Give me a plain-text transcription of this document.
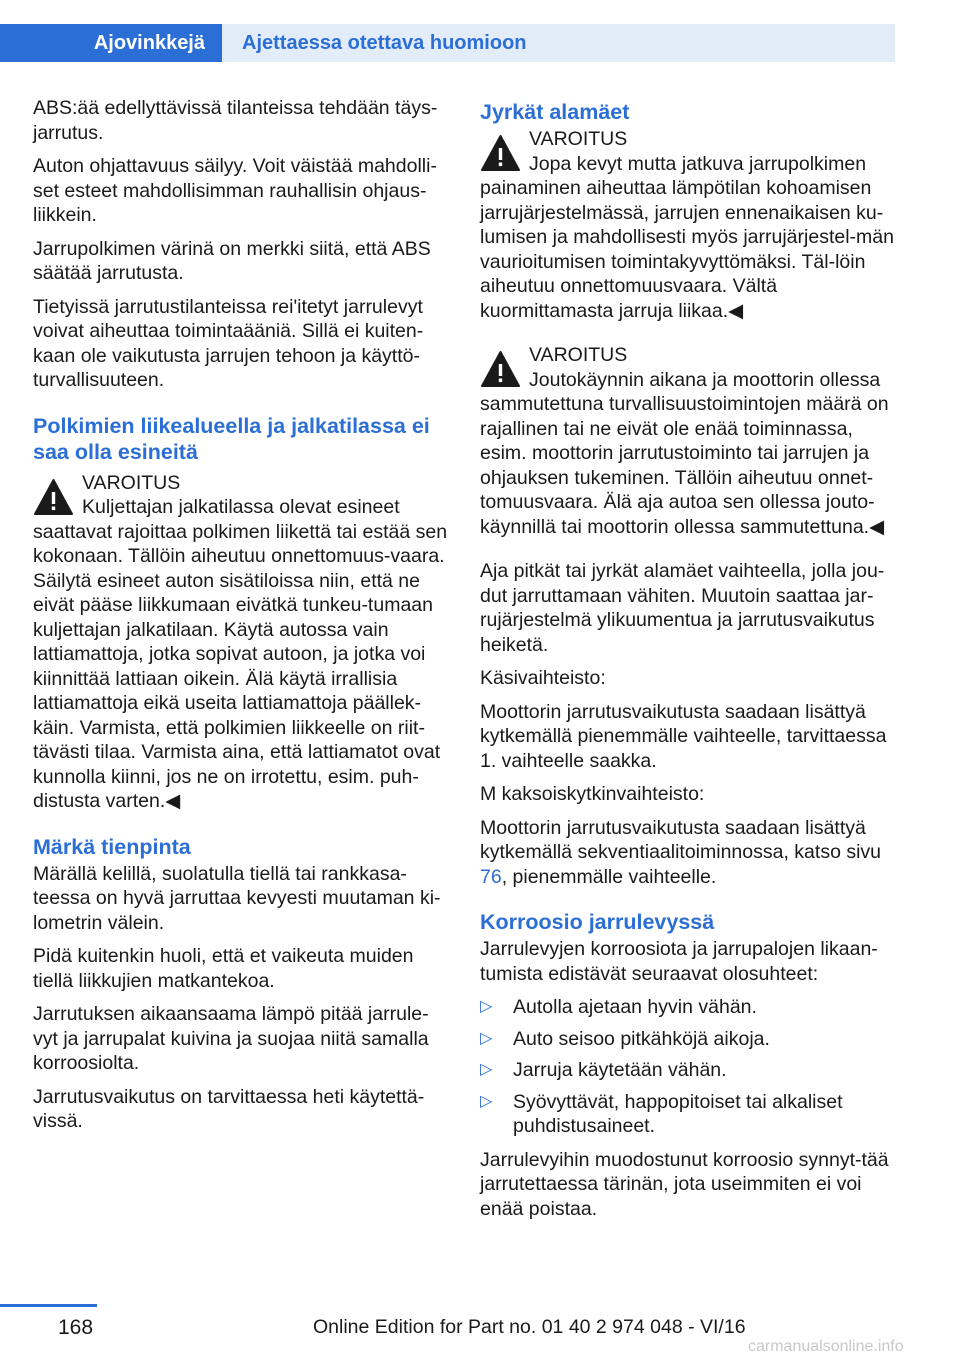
Ajovinkkejä Ajettaessa otettava huomioon

ABS:ää edellyttävissä tilanteissa tehdään täys-jarrutus.

Auton ohjattavuus säilyy. Voit väistää mahdolli-set esteet mahdollisimman rauhallisin ohjaus-liikkein.

Jarrupolkimen värinä on merkki siitä, että ABS säätää jarrutusta.

Tietyissä jarrutustilanteissa rei'itetyt jarrulevyt voivat aiheuttaa toimintaääniä. Sillä ei kuiten-kaan ole vaikutusta jarrujen tehoon ja käyttö-turvallisuuteen.

Polkimien liikealueella ja jalkatilassa ei saa olla esineitä
VAROITUS
Kuljettajan jalkatilassa olevat esineet
saattavat rajoittaa polkimen liikettä tai estää sen kokonaan. Tällöin aiheutuu onnettomuus-vaara. Säilytä esineet auton sisätiloissa niin, että ne eivät pääse liikkumaan eivätkä tunkeu-tumaan kuljettajan jalkatilaan. Käytä autossa vain lattiamattoja, jotka sopivat autoon, ja jotka voi kiinnittää lattiaan oikein. Älä käytä irrallisia lattiamattoja eikä useita lattiamattoja päällek-käin. Varmista, että polkimien liikkeelle on riit-tävästi tilaa. Varmista aina, että lattiamatot ovat kunnolla kiinni, jos ne on irrotettu, esim. puh-distusta varten.◀
Märkä tienpinta

Märällä kelillä, suolatulla tiellä tai rankkasa-teessa on hyvä jarruttaa kevyesti muutaman ki-lometrin välein.

Pidä kuitenkin huoli, että et vaikeuta muiden tiellä liikkujien matkantekoa.

Jarrutuksen aikaansaama lämpö pitää jarrule-vyt ja jarrupalat kuivina ja suojaa niitä samalla korroosiolta.

Jarrutusvaikutus on tarvittaessa heti käytettä-vissä.

Jyrkät alamäet
VAROITUS
Jopa kevyt mutta jatkuva jarrupolkimen
painaminen aiheuttaa lämpötilan kohoamisen jarrujärjestelmässä, jarrujen ennenaikaisen ku-lumisen ja mahdollisesti myös jarrujärjestel-män vaurioitumisen toimintakyvyttömäksi. Täl-löin aiheutuu onnettomuusvaara. Vältä kuormittamasta jarruja liikaa.◀
VAROITUS
Joutokäynnin aikana ja moottorin ollessa
sammutettuna turvallisuustoimintojen määrä on rajallinen tai ne eivät ole enää toiminnassa, esim. moottorin jarrutustoiminto tai jarrujen ja ohjauksen tukeminen. Tällöin aiheutuu onnet-tomuusvaara. Älä aja autoa sen ollessa jouto-käynnillä tai moottorin ollessa sammutettuna.◀

Aja pitkät tai jyrkät alamäet vaihteella, jolla jou-dut jarruttamaan vähiten. Muutoin saattaa jar-rujärjestelmä ylikuumentua ja jarrutusvaikutus heiketä.

Käsivaihteisto:

Moottorin jarrutusvaikutusta saadaan lisättyä kytkemällä pienemmälle vaihteelle, tarvittaessa 1. vaihteelle saakka.

M kaksoiskytkinvaihteisto:

Moottorin jarrutusvaikutusta saadaan lisättyä kytkemällä sekventiaalitoiminnossa, katso sivu 76, pienemmälle vaihteelle.

Korroosio jarrulevyssä

Jarrulevyjen korroosiota ja jarrupalojen likaan-tumista edistävät seuraavat olosuhteet:

▷ Autolla ajetaan hyvin vähän.
▷ Auto seisoo pitkähköjä aikoja.
▷ Jarruja käytetään vähän.
▷ Syövyttävät, happopitoiset tai alkaliset puhdistusaineet.

Jarrulevyihin muodostunut korroosio synnyt-tää jarrutettaessa tärinän, jota useimmiten ei voi enää poistaa.

168	Online Edition for Part no. 01 40 2 974 048 - VI/16
carmanualsonline.info
